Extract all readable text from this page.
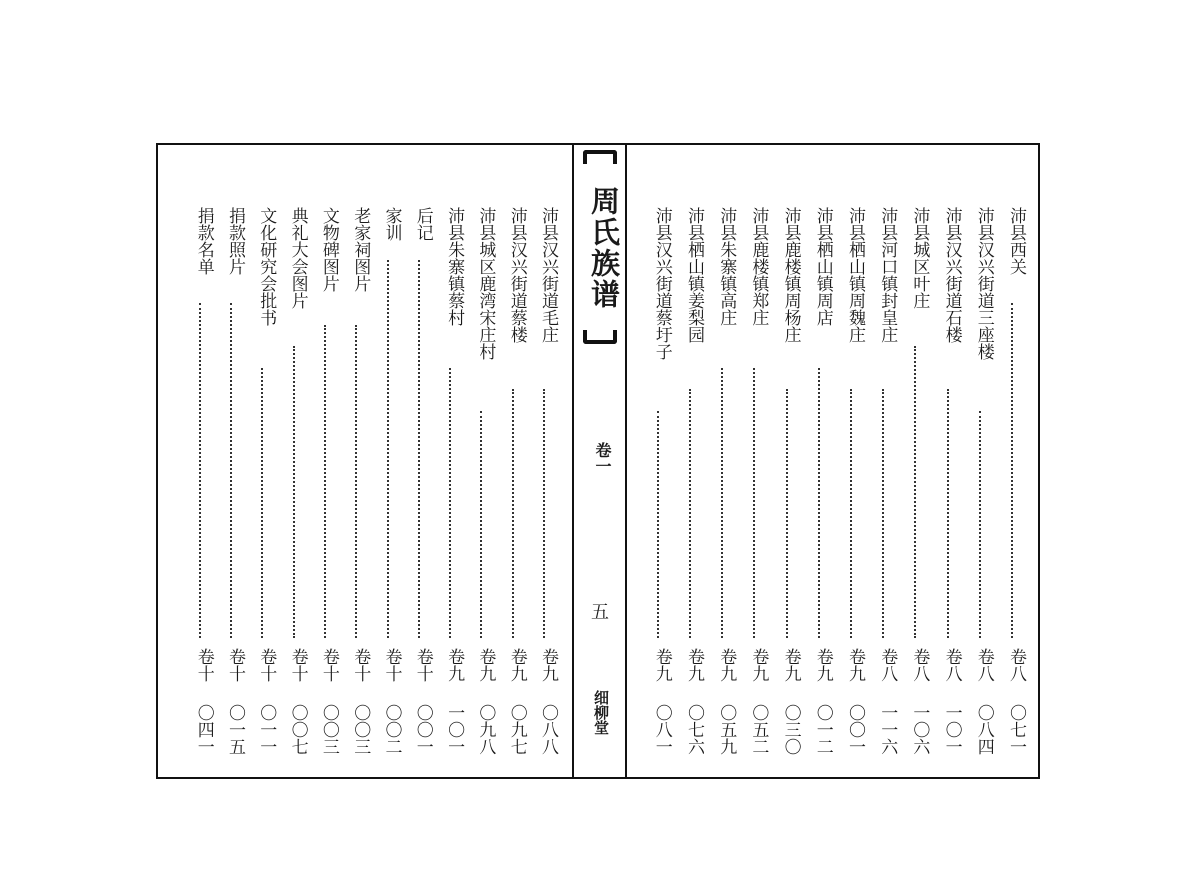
周氏族谱
卷一
五
细柳堂
沛县西关
卷八
〇七一
沛县汉兴街道三座楼
卷八
〇八四
沛县汉兴街道石楼
卷八
一〇一
沛县城区叶庄
卷八
一〇六
沛县河口镇封皇庄
卷八
一一六
沛县栖山镇周魏庄
卷九
〇〇一
沛县栖山镇周店
卷九
〇一二
沛县鹿楼镇周杨庄
卷九
〇三〇
沛县鹿楼镇郑庄
卷九
〇五二
沛县朱寨镇高庄
卷九
〇五九
沛县栖山镇姜梨园
卷九
〇七六
沛县汉兴街道蔡圩子
卷九
〇八一
沛县汉兴街道毛庄
卷九
〇八八
沛县汉兴街道蔡楼
卷九
〇九七
沛县城区鹿湾宋庄村
卷九
〇九八
沛县朱寨镇蔡村
卷九
一〇一
后记
卷十
〇〇一
家训
卷十
〇〇二
老家祠图片
卷十
〇〇三
文物碑图片
卷十
〇〇三
典礼大会图片
卷十
〇〇七
文化研究会批书
卷十
〇一一
捐款照片
卷十
〇一五
捐款名单
卷十
〇四一
